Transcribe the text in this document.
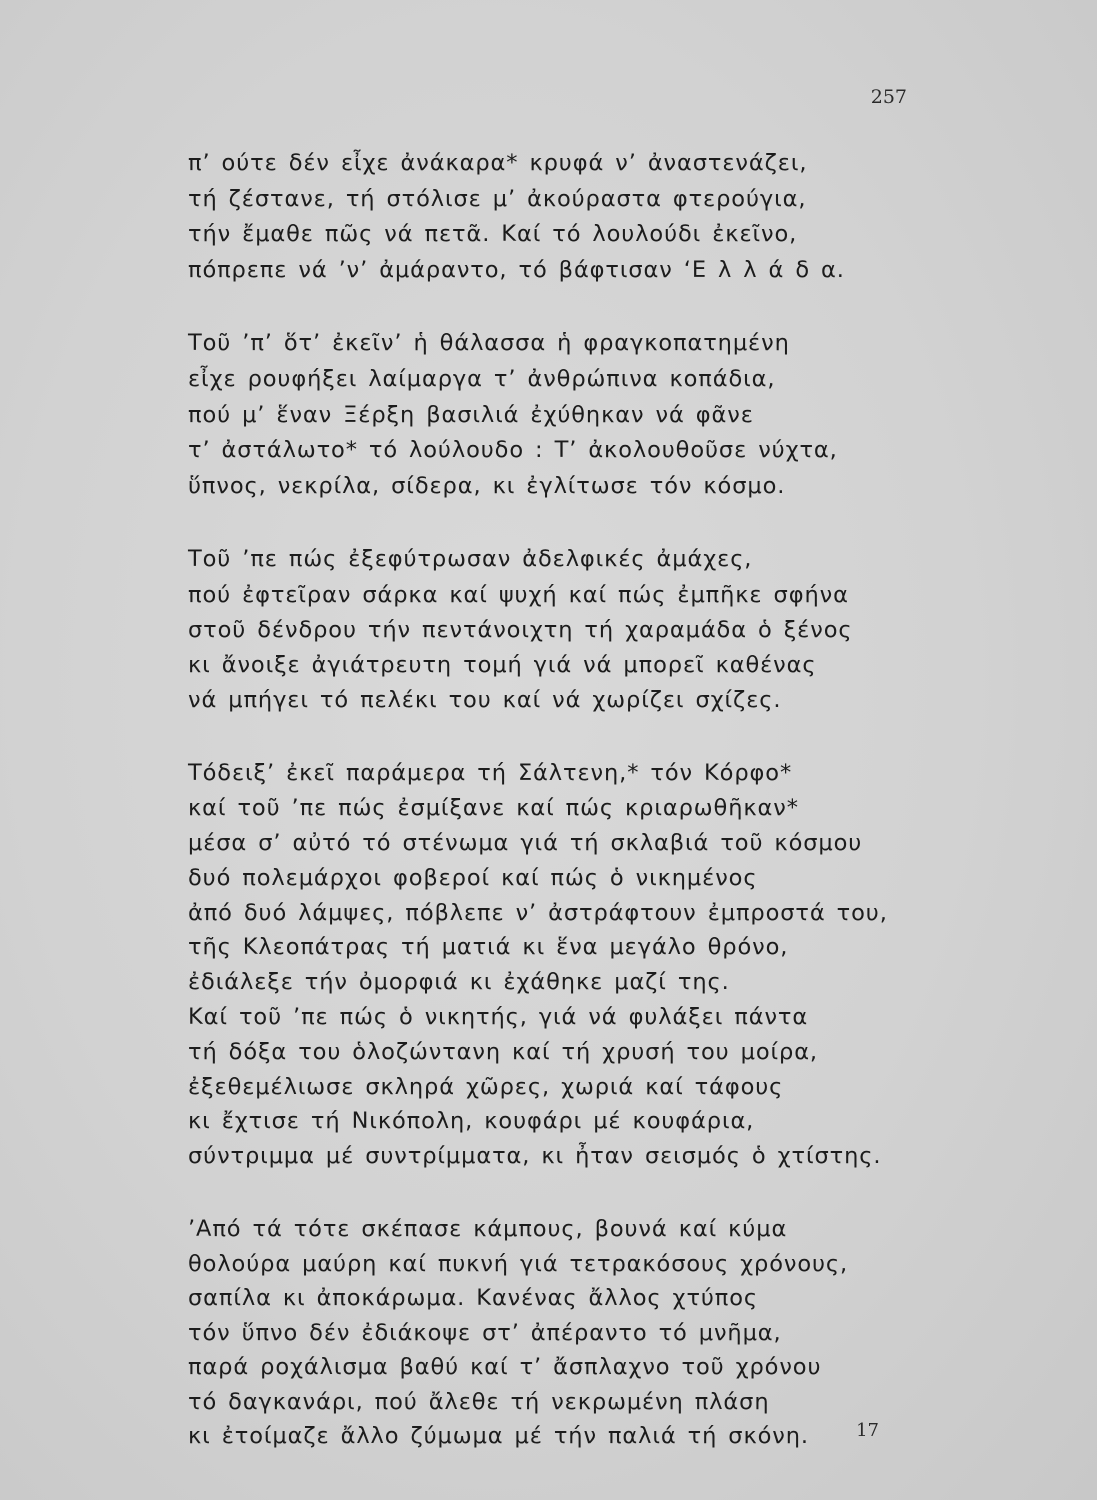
257
π’ ούτε δέν εἶχε ἀνάκαρα* κρυφά ν’ ἀναστενάζει,
τή ζέστανε, τή στόλισε μ’ ἀκούραστα φτερούγια,
τήν ἔμαθε πῶς νά πετᾶ. Καί τό λουλούδι ἐκεῖνο,
πόπρεπε νά ’ν’ ἀμάραντο, τό βάφτισαν ‘Ε λ λ ά δ α.
Τοῦ ’π’ ὅτ’ ἐκεῖν’ ἡ θάλασσα ἡ φραγκοπατημένη
εἶχε ρουφήξει λαίμαργα τ’ ἀνθρώπινα κοπάδια,
πού μ’ ἕναν Ξέρξη βασιλιά ἐχύθηκαν νά φᾶνε
τ’ ἀστάλωτο* τό λούλουδο : Τ’ ἀκολουθοῦσε νύχτα,
ὕπνος, νεκρίλα, σίδερα, κι ἐγλίτωσε τόν κόσμο.
Τοῦ ’πε πώς ἐξεφύτρωσαν ἀδελφικές ἀμάχες,
πού ἐφτεῖραν σάρκα καί ψυχή καί πώς ἐμπῆκε σφήνα
στοῦ δένδρου τήν πεντάνοιχτη τή χαραμάδα ὁ ξένος
κι ἄνοιξε ἀγιάτρευτη τομή γιά νά μπορεῖ καθένας
νά μπήγει τό πελέκι του καί νά χωρίζει σχίζες.
Τόδειξ’ ἐκεῖ παράμερα τή Σάλτενη,* τόν Κόρφο*
καί τοῦ ’πε πώς ἐσμίξανε καί πώς κριαρωθῆκαν*
μέσα σ’ αὐτό τό στένωμα γιά τή σκλαβιά τοῦ κόσμου
δυό πολεμάρχοι φοβεροί καί πώς ὁ νικημένος
ἀπό δυό λάμψες, πόβλεπε ν’ ἀστράφτουν ἐμπροστά του,
τῆς Κλεοπάτρας τή ματιά κι ἕνα μεγάλο θρόνο,
ἐδιάλεξε τήν ὀμορφιά κι ἐχάθηκε μαζί της.
Καί τοῦ ’πε πώς ὁ νικητής, γιά νά φυλάξει πάντα
τή δόξα του ὁλοζώντανη καί τή χρυσή του μοίρα,
ἐξεθεμέλιωσε σκληρά χῶρες, χωριά καί τάφους
κι ἔχτισε τή Νικόπολη, κουφάρι μέ κουφάρια,
σύντριμμα μέ συντρίμματα, κι ἦταν σεισμός ὁ χτίστης.
’Από τά τότε σκέπασε κάμπους, βουνά καί κύμα
θολούρα μαύρη καί πυκνή γιά τετρακόσους χρόνους,
σαπίλα κι ἀποκάρωμα. Κανένας ἄλλος χτύπος
τόν ὕπνο δέν ἐδιάκοψε στ’ ἀπέραντο τό μνῆμα,
παρά ροχάλισμα βαθύ καί τ’ ἄσπλαχνο τοῦ χρόνου
τό δαγκανάρι, πού ἄλεθε τή νεκρωμένη πλάση
κι ἐτοίμαζε ἄλλο ζύμωμα μέ τήν παλιά τή σκόνη.	17
